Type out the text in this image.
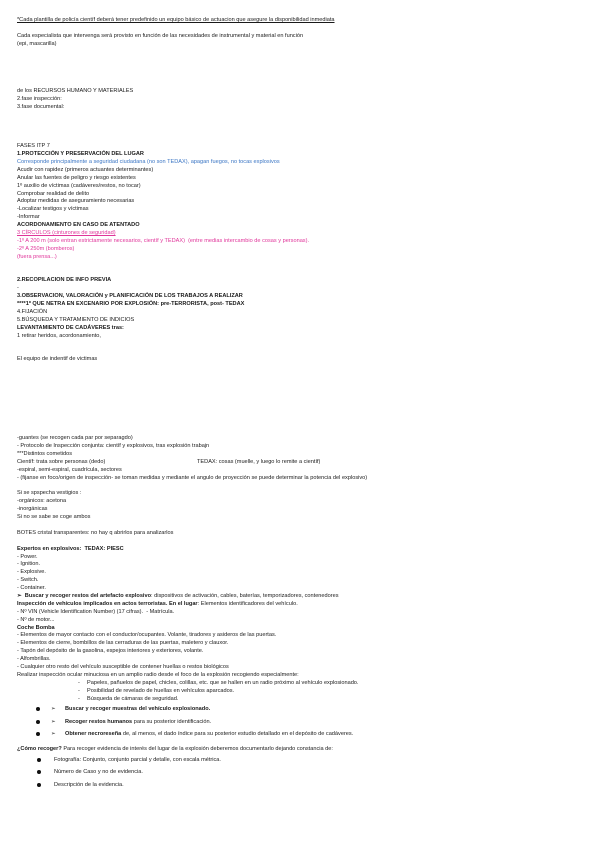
*Cada plantilla de policía científ deberá tener predefinido un equipo básico de actuacion que asegure la disponibilidad inmediata
Cada especialista que intervenga será provisto en función de las necesidades de instrumental y material en función
(epi, mascarilla)
de los RECURSOS HUMANO Y MATERIALES
2.fase inspección:
3.fase documental:
FASES ITP 7
1.PROTECCIÓN Y PRESERVACIÓN DEL LUGAR
Corresponde principalmente a seguridad ciudadana (no son TEDAX), apagan fuegos, no tocas explosivos
Acudir con rapidez (primeros actuantes determinantes)
Anular las fuentes de peligro y riesgo existentes
1º auxilio de víctimas (cadáveres/restos, no tocar)
Comprobar realidad de delito
Adoptar medidas de aseguramiento necesarias
-Localizar testigos y víctimas
-Informar
ACORDONAMIENTO EN CASO DE ATENTADO
3 CÍRCULOS (cinturones de seguridad)
-1º A 200 m (solo entran estrictamente necesarios, científ y TEDAX)  (entre medias intercambio de cosas y personas).
-2º A 250m (bomberos)
(fuera prensa...)
2.RECOPILACION DE INFO PREVIA
-
3.OBSERVACION, VALORACIÓN y PLANIFICACIÓN DE LOS TRABAJOS A REALIZAR
****1º QUE NETRA EN EXCENARIO POR EXPLOSIÓN: pre-TERRORISTA, post- TEDAX
4.FIJACIÓN
5.BÚSQUEDA Y TRATAMIENTO DE INDICIOS
LEVANTAMIENTO DE CADÁVERES tras:
1 retirar heridos, acordonamiento,
El equipo de indentif de victimas
-guantes (se recogen cada par por separagdo)
- Protocolo de Inspección conjunta: científ y explosivos, tras explosión trabajn
***Distintos cometidos
Científ: trata sobre personas (dedo)	TEDAX: cosas (muelle, y luego lo remite a científ)
-espiral, semi-espiral, cuadrícula, sectores
- (fijanse en foco/origen de inspección- se toman medidas y mediante el angulo de proyección se puede determinar la potencia del explosivo)
Si se spspecha vestigios :
-orgánicos: acetona
-inorgánicas
Si no se sabe se coge ambos
BOTES cristal transparentes: no hay q abrirlos para analizarlos
Expertos en explosivos:  TEDAX: PIESC
- Power.
- Ignition.
- Explosive.
- Switch.
- Container.
➢  Buscar y recoger restos del artefacto explosivo: dispositivos de activación, cables, baterías, temporizadores, contenedores
Inspección de vehículos implicados en actos terroristas. En el lugar: Elementos identificadores del vehículo.
- Nº VIN (Vehicle Identification Number) (17 cifras).  - Matrícula.
- Nº de motor...
Coche Bomba
- Elementos de mayor contacto con el conductor/ocupantes. Volante, tiradores y asideros de las puertas.
- Elementos de cierre, bombillos de las cerraduras de las puertas, maletero y clauxor.
- Tapón del depósito de la gasolina, espejos interiores y exteriores, volante.
- Alfombrillas.
- Cualquier otro resto del vehículo susceptible de contener huellas o restos biológicos
Realizar inspección ocular minuciosa en un amplio radio desde el foco de la explosión recogiendo especialmente:
- Papeles, pañuelos de papel, chicles, colillas, etc. que se hallen en un radio próximo al vehículo explosionado.
- Posibilidad de revelado de huellas en vehículos aparcados.
- Búsqueda de cámaras de seguridad.
➢ Buscar y recoger muestras del vehículo explosionado.
➢ Recoger restos humanos para su posterior identificación.
➢ Obtener necroreseña de, al menos, el dado índice para su posterior estudio detallado en el depósito de cadáveres.
¿Cómo recoger? Para recoger evidencia de interés del lugar de la explosión deberemos documentarlo dejando constancia de:
Fotografía: Conjunto, conjunto parcial y detalle, con escala métrica.
Número de Caso y no de evidencia.
Descripción de la evidencia.
